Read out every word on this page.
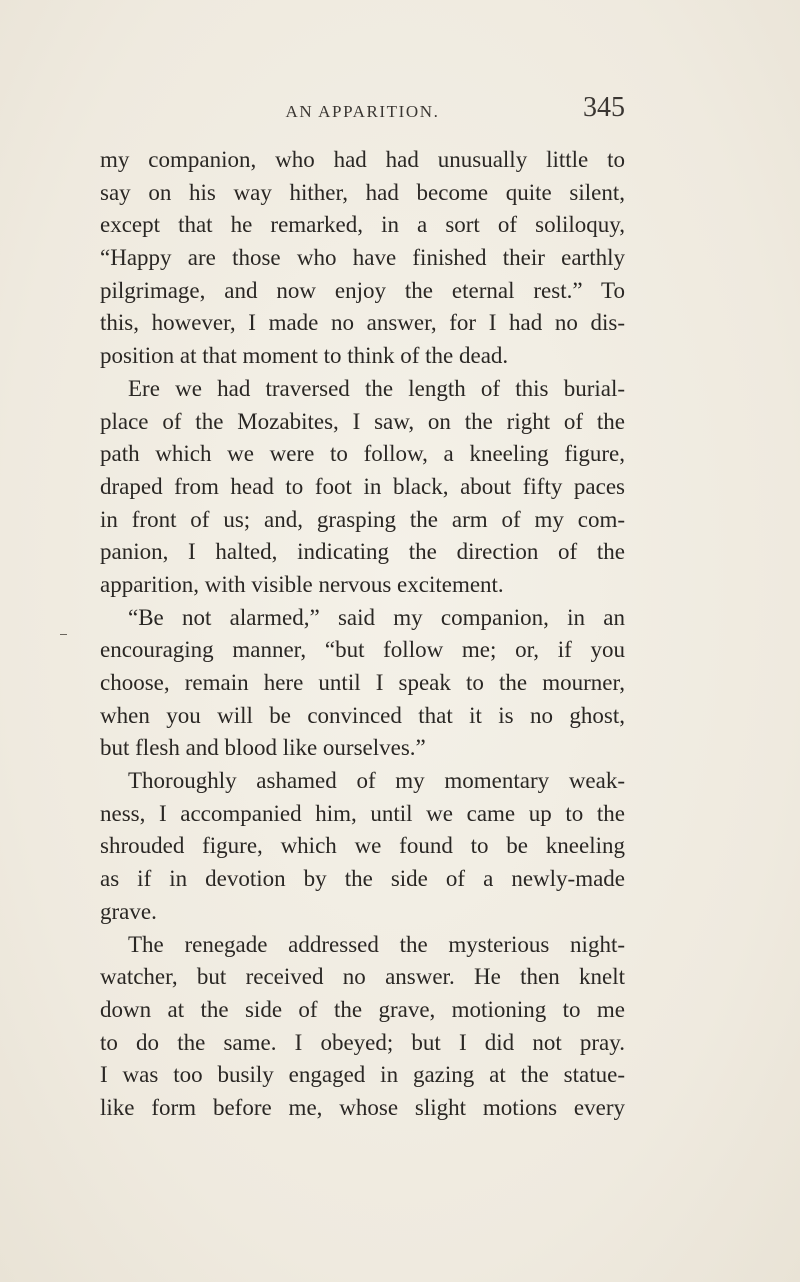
AN APPARITION.	345
my companion, who had had unusually little to
say on his way hither, had become quite silent,
except that he remarked, in a sort of soliloquy,
“Happy are those who have finished their earthly
pilgrimage, and now enjoy the eternal rest.” To
this, however, I made no answer, for I had no dis-
position at that moment to think of the dead.
Ere we had traversed the length of this burial-
place of the Mozabites, I saw, on the right of the
path which we were to follow, a kneeling figure,
draped from head to foot in black, about fifty paces
in front of us; and, grasping the arm of my com-
panion, I halted, indicating the direction of the
apparition, with visible nervous excitement.
“Be not alarmed,” said my companion, in an
encouraging manner, “but follow me; or, if you
choose, remain here until I speak to the mourner,
when you will be convinced that it is no ghost,
but flesh and blood like ourselves.”
Thoroughly ashamed of my momentary weak-
ness, I accompanied him, until we came up to the
shrouded figure, which we found to be kneeling
as if in devotion by the side of a newly-made
grave.
The renegade addressed the mysterious night-
watcher, but received no answer. He then knelt
down at the side of the grave, motioning to me
to do the same. I obeyed; but I did not pray.
I was too busily engaged in gazing at the statue-
like form before me, whose slight motions every
